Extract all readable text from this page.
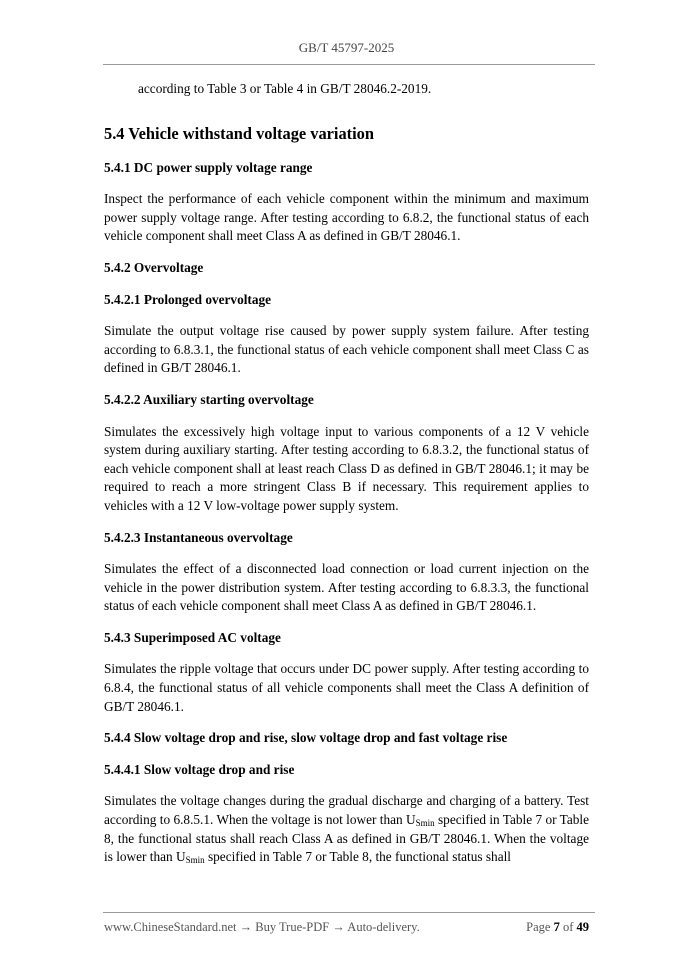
GB/T 45797-2025

according to Table 3 or Table 4 in GB/T 28046.2-2019.

5.4 Vehicle withstand voltage variation
5.4.1 DC power supply voltage range

Inspect the performance of each vehicle component within the minimum and maximum power supply voltage range. After testing according to 6.8.2, the functional status of each vehicle component shall meet Class A as defined in GB/T 28046.1.

5.4.2 Overvoltage
5.4.2.1 Prolonged overvoltage

Simulate the output voltage rise caused by power supply system failure. After testing according to 6.8.3.1, the functional status of each vehicle component shall meet Class C as defined in GB/T 28046.1.

5.4.2.2 Auxiliary starting overvoltage

Simulates the excessively high voltage input to various components of a 12 V vehicle system during auxiliary starting. After testing according to 6.8.3.2, the functional status of each vehicle component shall at least reach Class D as defined in GB/T 28046.1; it may be required to reach a more stringent Class B if necessary. This requirement applies to vehicles with a 12 V low-voltage power supply system.

5.4.2.3 Instantaneous overvoltage

Simulates the effect of a disconnected load connection or load current injection on the vehicle in the power distribution system. After testing according to 6.8.3.3, the functional status of each vehicle component shall meet Class A as defined in GB/T 28046.1.

5.4.3 Superimposed AC voltage

Simulates the ripple voltage that occurs under DC power supply. After testing according to 6.8.4, the functional status of all vehicle components shall meet the Class A definition of GB/T 28046.1.

5.4.4 Slow voltage drop and rise, slow voltage drop and fast voltage rise
5.4.4.1 Slow voltage drop and rise

Simulates the voltage changes during the gradual discharge and charging of a battery. Test according to 6.8.5.1. When the voltage is not lower than $U_{Smin}$ specified in Table 7 or Table 8, the functional status shall reach Class A as defined in GB/T 28046.1. When the voltage is lower than $U_{Smin}$ specified in Table 7 or Table 8, the functional status shall

www.ChineseStandard.net → Buy True-PDF → Auto-delivery.	Page 7 of 49
